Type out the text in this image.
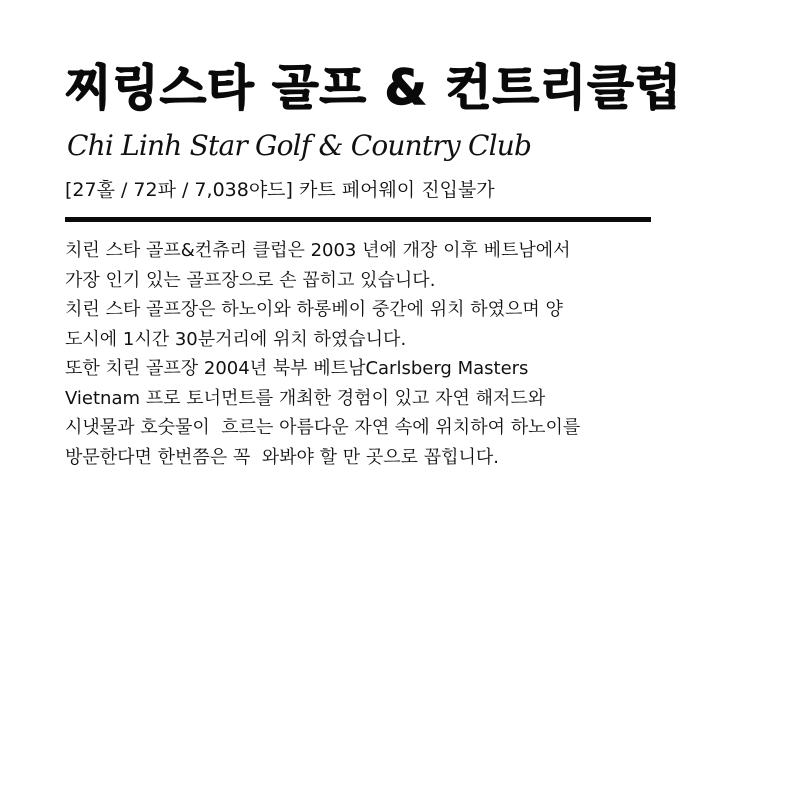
찌링스타 골프 & 컨트리클럽
Chi Linh Star Golf & Country Club
[27홀 / 72파 / 7,038야드] 카트 페어웨이 진입불가
치린 스타 골프&컨츄리 클럽은 2003 년에 개장 이후 베트남에서
가장 인기 있는 골프장으로 손 꼽히고 있습니다.
치린 스타 골프장은 하노이와 하롱베이 중간에 위치 하였으며 양
도시에 1시간 30분거리에 위치 하였습니다.
또한 치린 골프장 2004년 북부 베트남Carlsberg Masters
Vietnam 프로 토너먼트를 개최한 경험이 있고 자연 해저드와
시냇물과 호숫물이  흐르는 아름다운 자연 속에 위치하여 하노이를
방문한다면 한번쯤은 꼭  와봐야 할 만 곳으로 꼽힙니다.
